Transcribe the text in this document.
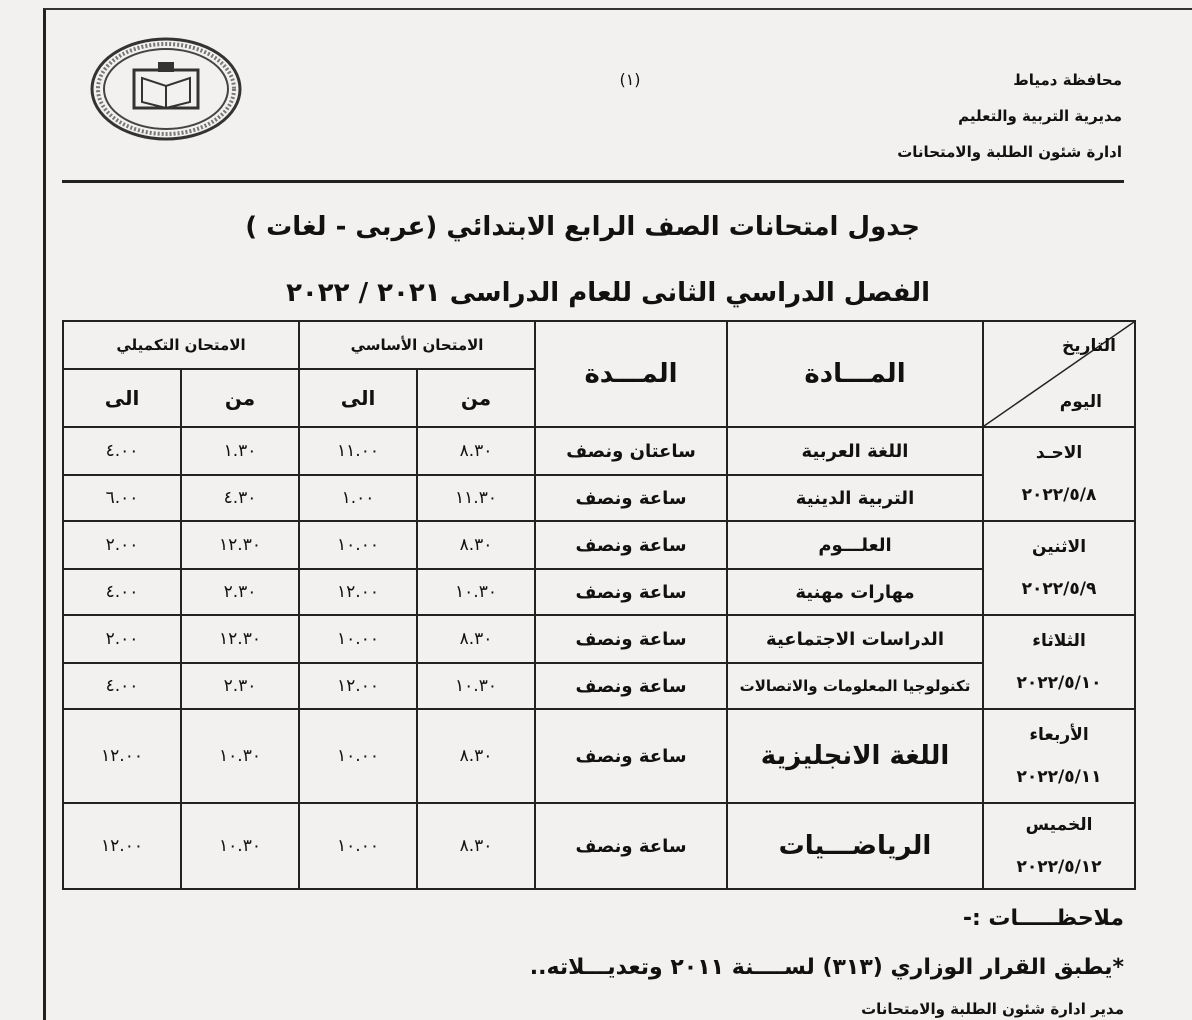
(١)	محافظة دمياط
مديرية التربية والتعليم
ادارة شئون الطلبة والامتحانات
جدول امتحانات الصف الرابع الابتدائي (عربى - لغات )
الفصل الدراسي الثانى للعام الدراسى ٢٠٢١ / ٢٠٢٢
التاريخ
اليوم	المـــادة	المـــدة	الامتحان الأساسي		الامتحان التكميلي	
			من	الى	من	الى

الاحـد
٢٠٢٢/٥/٨	اللغة العربية	ساعتان ونصف	٨.٣٠	١١.٠٠	١.٣٠	٤.٠٠
	التربية الدينية	ساعة ونصف	١١.٣٠	١.٠٠	٤.٣٠	٦.٠٠

الاثنين
٢٠٢٢/٥/٩	العلـــوم	ساعة ونصف	٨.٣٠	١٠.٠٠	١٢.٣٠	٢.٠٠
	مهارات مهنية	ساعة ونصف	١٠.٣٠	١٢.٠٠	٢.٣٠	٤.٠٠

الثلاثاء
٢٠٢٢/٥/١٠	الدراسات الاجتماعية	ساعة ونصف	٨.٣٠	١٠.٠٠	١٢.٣٠	٢.٠٠
	تكنولوجيا المعلومات والاتصالات	ساعة ونصف	١٠.٣٠	١٢.٠٠	٢.٣٠	٤.٠٠

الأربعاء
٢٠٢٢/٥/١١	اللغة الانجليزية	ساعة ونصف	٨.٣٠	١٠.٠٠	١٠.٣٠	١٢.٠٠

الخميس
٢٠٢٢/٥/١٢	الرياضـــيات	ساعة ونصف	٨.٣٠	١٠.٠٠	١٠.٣٠	١٢.٠٠
ملاحظـــــات :-
*يطبق القرار الوزاري (٣١٣) لســــنة ٢٠١١ وتعديـــلاته..
مدير ادارة شئون الطلبة والامتحانات
